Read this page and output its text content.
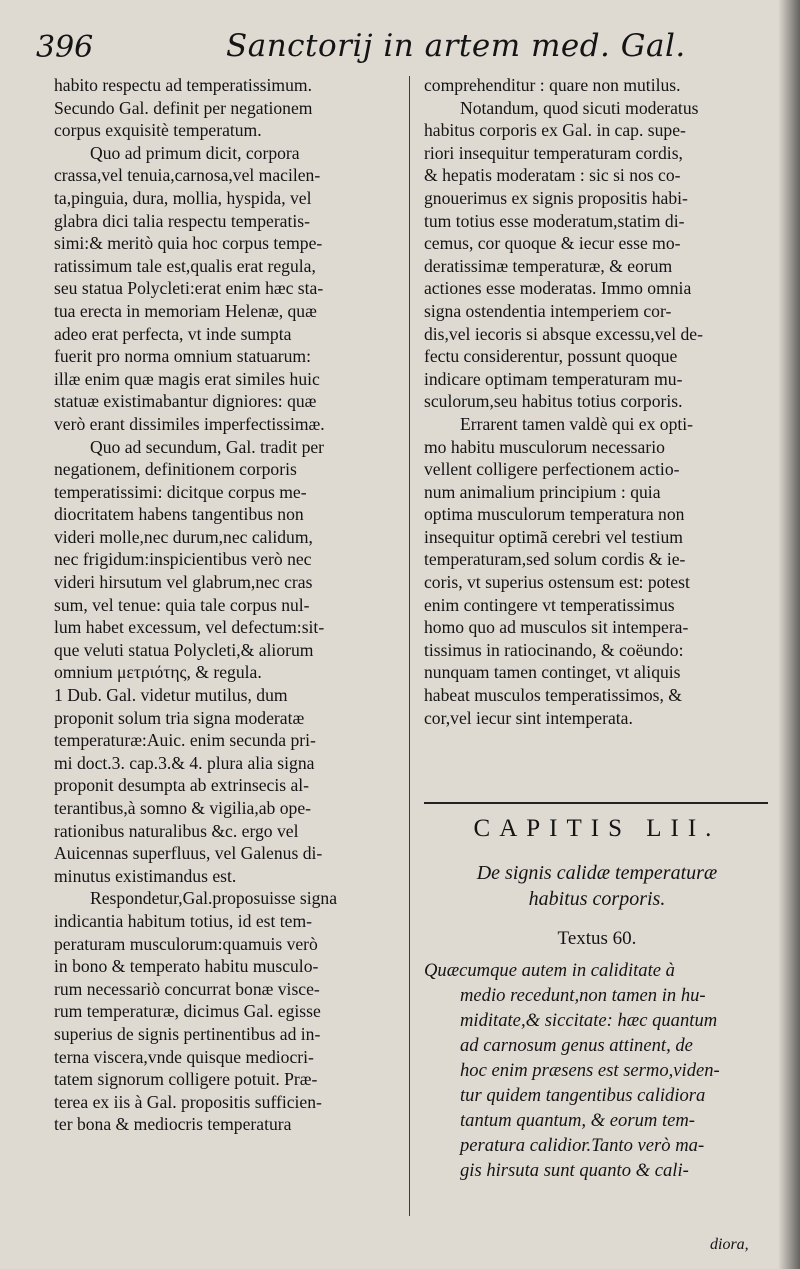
396	Sanctorij in artem med. Gal.
habito respectu ad temperatissimum.
Secundo Gal. definit per negationem
corpus exquisitè temperatum.
Quo ad primum dicit, corpora
crassa,vel tenuia,carnosa,vel macilen-
ta,pinguia, dura, mollia, hyspida, vel
glabra dici talia respectu temperatis-
simi:& meritò quia hoc corpus tempe-
ratissimum tale est,qualis erat regula,
seu statua Polycleti:erat enim hæc sta-
tua erecta in memoriam Helenæ, quæ
adeo erat perfecta, vt inde sumpta
fuerit pro norma omnium statuarum:
illæ enim quæ magis erat similes huic
statuæ existimabantur digniores: quæ
verò erant dissimiles imperfectissimæ.
Quo ad secundum, Gal. tradit per
negationem, definitionem corporis
temperatissimi: dicitque corpus me-
diocritatem habens tangentibus non
videri molle,nec durum,nec calidum,
nec frigidum:inspicientibus verò nec
videri hirsutum vel glabrum,nec cras
sum, vel tenue: quia tale corpus nul-
lum habet excessum, vel defectum:sit-
que veluti statua Polycleti,& aliorum
omnium μετριότης, & regula.
1 Dub. Gal. videtur mutilus, dum
proponit solum tria signa moderatæ
temperaturæ:Auic. enim secunda pri-
mi doct.3. cap.3.& 4. plura alia signa
proponit desumpta ab extrinsecis al-
terantibus,à somno & vigilia,ab ope-
rationibus naturalibus &c. ergo vel
Auicennas superfluus, vel Galenus di-
minutus existimandus est.
Respondetur,Gal.proposuisse signa
indicantia habitum totius, id est tem-
peraturam musculorum:quamuis verò
in bono & temperato habitu musculo-
rum necessariò concurrat bonæ visce-
rum temperaturæ, dicimus Gal. egisse
superius de signis pertinentibus ad in-
terna viscera,vnde quisque mediocri-
tatem signorum colligere potuit. Præ-
terea ex iis à Gal. propositis sufficien-
ter bona & mediocris temperatura
comprehenditur : quare non mutilus.
Notandum, quod sicuti moderatus
habitus corporis ex Gal. in cap. supe-
riori insequitur temperaturam cordis,
& hepatis moderatam : sic si nos co-
gnouerimus ex signis propositis habi-
tum totius esse moderatum,statim di-
cemus, cor quoque & iecur esse mo-
deratissimæ temperaturæ, & eorum
actiones esse moderatas. Immo omnia
signa ostendentia intemperiem cor-
dis,vel iecoris si absque excessu,vel de-
fectu considerentur, possunt quoque
indicare optimam temperaturam mu-
sculorum,seu habitus totius corporis.
Errarent tamen valdè qui ex opti-
mo habitu musculorum necessario
vellent colligere perfectionem actio-
num animalium principium : quia
optima musculorum temperatura non
insequitur optimã cerebri vel testium
temperaturam,sed solum cordis & ie-
coris, vt superius ostensum est: potest
enim contingere vt temperatissimus
homo quo ad musculos sit intempera-
tissimus in ratiocinando, & coëundo:
nunquam tamen continget, vt aliquis
habeat musculos temperatissimos, &
cor,vel iecur sint intemperata.
CAPITIS LII.
De signis calidæ temperaturæ
habitus corporis.
Textus 60.
Quæcumque autem in caliditate à
medio recedunt,non tamen in hu-
miditate,& siccitate: hæc quantum
ad carnosum genus attinent, de
hoc enim præsens est sermo,viden-
tur quidem tangentibus calidiora
tantum quantum, & eorum tem-
peratura calidior.Tanto verò ma-
gis hirsuta sunt quanto & cali-
diora,
